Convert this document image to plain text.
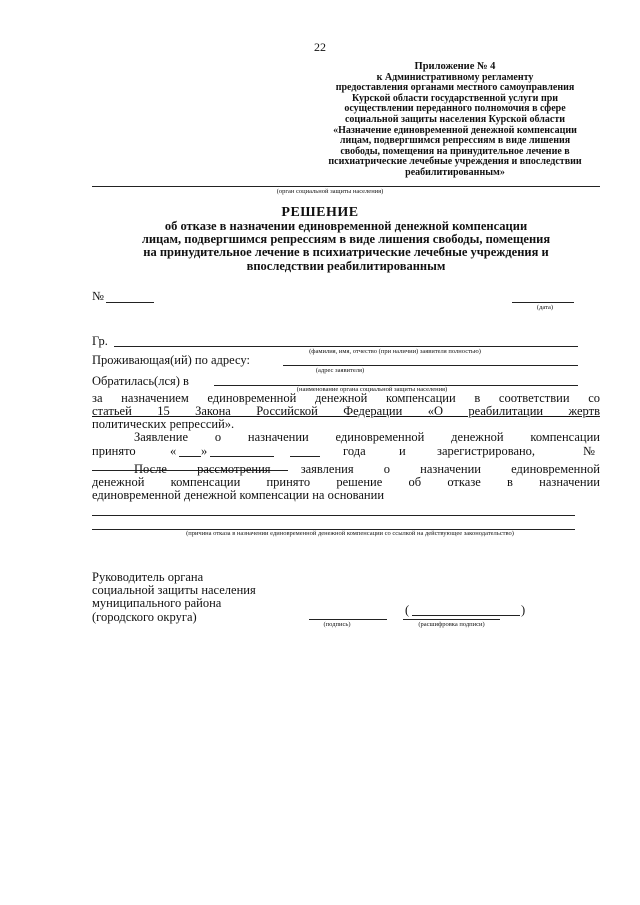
22
Приложение № 4
к Административному регламенту
предоставления органами местного самоуправления
Курской области государственной услуги при
осуществлении переданного полномочия в сфере
социальной защиты населения Курской области
«Назначение единовременной денежной компенсации
лицам, подвергшимся репрессиям в виде лишения
свободы, помещения на принудительное лечение в
психиатрические лечебные учреждения и впоследствии
реабилитированным»
(орган социальной защиты населения)
РЕШЕНИЕ
об отказе в назначении единовременной денежной компенсации
лицам, подвергшимся репрессиям в виде лишения свободы, помещения
на принудительное лечение в психиатрические лечебные учреждения и
впоследствии реабилитированным
№
(дата)
Гр.
(фамилия, имя, отчество (при наличии) заявителя полностью)
Проживающая(ий) по адресу:
(адрес заявителя)
Обратилась(лся) в
(наименование органа социальной защиты населения)
за назначением единовременной денежной компенсации в соответствии со
статьей 15 Закона Российской Федерации «О реабилитации жертв
политических репрессий».
Заявление о назначении единовременной денежной компенсации
принято	« »	года	и	зарегистрировано,	№
После рассмотрения заявления о назначении единовременной
денежной компенсации принято решение об отказе в назначении
единовременной денежной компенсации на основании
(причина отказа в назначении единовременной денежной компенсации со ссылкой на действующее законодательство)
Руководитель органа
социальной защиты населения
муниципального района
(городского округа)
(подпись)
(	)
(расшифровка подписи)
